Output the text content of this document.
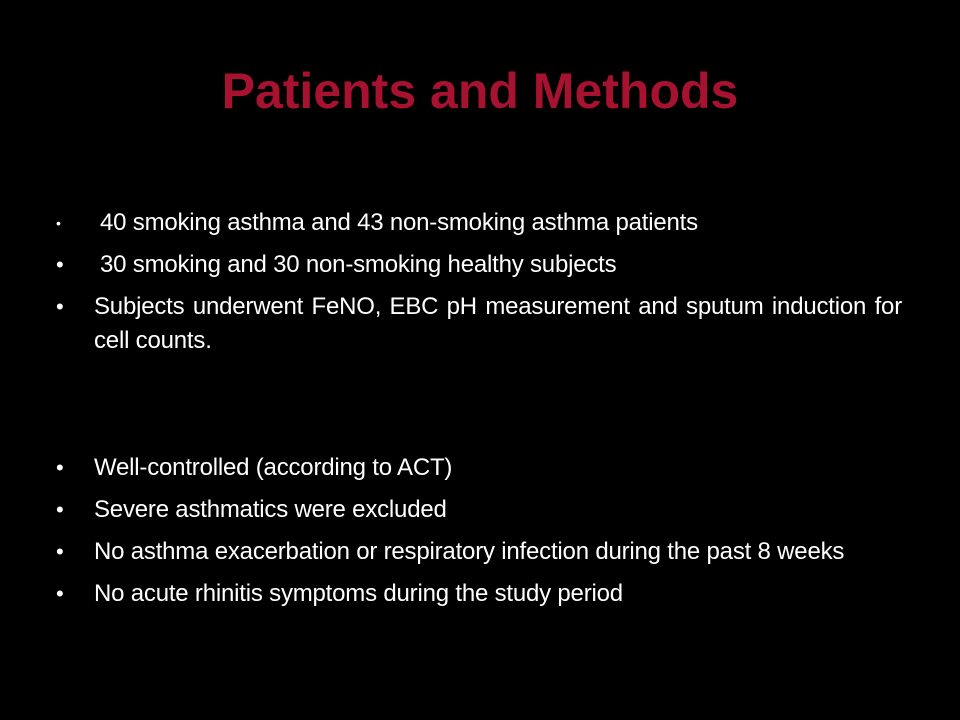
Patients and Methods
•	40 smoking asthma and 43 non-smoking asthma patients
•	30 smoking and 30 non-smoking healthy subjects
•	Subjects underwent FeNO, EBC pH measurement and sputum induction for cell counts.
•	Well-controlled (according to ACT)
•	Severe asthmatics were excluded
•	No asthma exacerbation or respiratory infection during the past 8 weeks
•	No acute rhinitis symptoms during the study period
